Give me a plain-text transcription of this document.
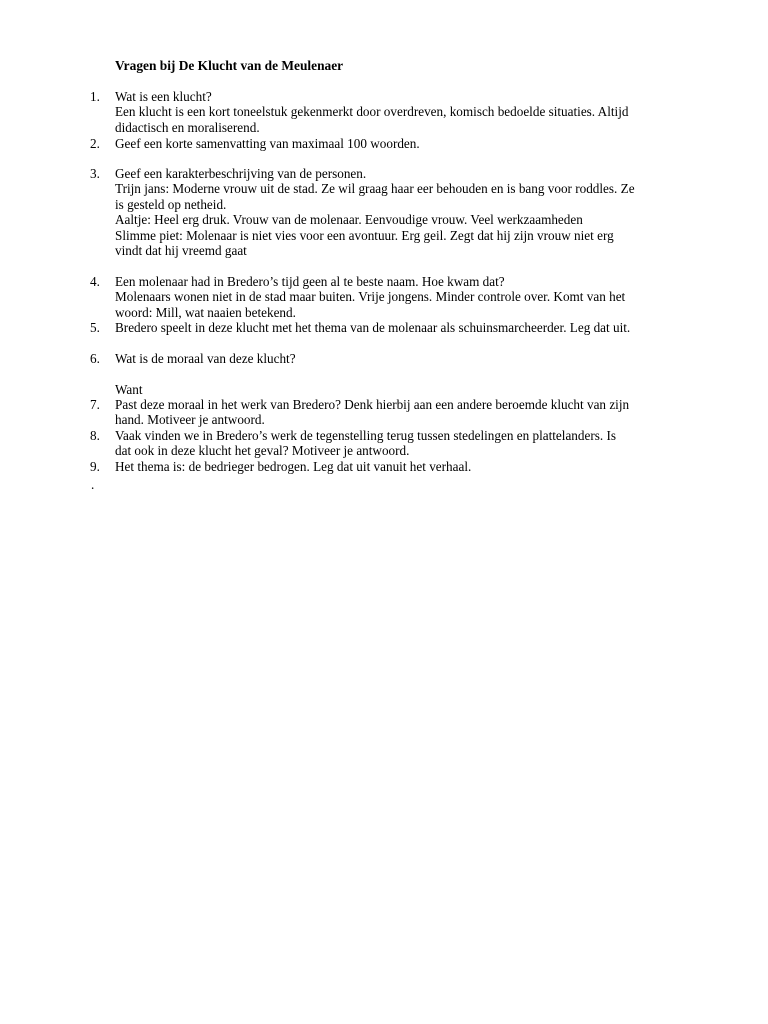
Vragen bij De Klucht van de Meulenaer
1.	Wat is een klucht?
Een klucht is een kort toneelstuk gekenmerkt door overdreven, komisch bedoelde situaties. Altijd
didactisch en moraliserend.
2.	Geef een korte samenvatting van maximaal 100 woorden.
3.	Geef een karakterbeschrijving van de personen.
Trijn jans: Moderne vrouw uit de stad. Ze wil graag haar eer behouden en is bang voor roddles. Ze
is gesteld op netheid.
Aaltje: Heel erg druk. Vrouw van de molenaar. Eenvoudige vrouw. Veel werkzaamheden
Slimme piet: Molenaar is niet vies voor een avontuur. Erg geil. Zegt dat hij zijn vrouw niet erg
vindt dat hij vreemd gaat
4.	Een molenaar had in Bredero’s tijd geen al te beste naam. Hoe kwam dat?
Molenaars wonen niet in de stad maar buiten. Vrije jongens. Minder controle over. Komt van het
woord: Mill, wat naaien betekend.
5.	Bredero speelt in deze klucht met het thema van de molenaar als schuinsmarcheerder. Leg dat uit.
6.	Wat is de moraal van deze klucht?
Want
7.	Past deze moraal in het werk van Bredero? Denk hierbij aan een andere beroemde klucht van zijn
hand. Motiveer je antwoord.
8.	Vaak vinden we in Bredero’s werk de tegenstelling terug tussen stedelingen en plattelanders. Is
dat ook in deze klucht het geval? Motiveer je antwoord.
9.	Het thema is: de bedrieger bedrogen. Leg dat uit vanuit het verhaal.
.
